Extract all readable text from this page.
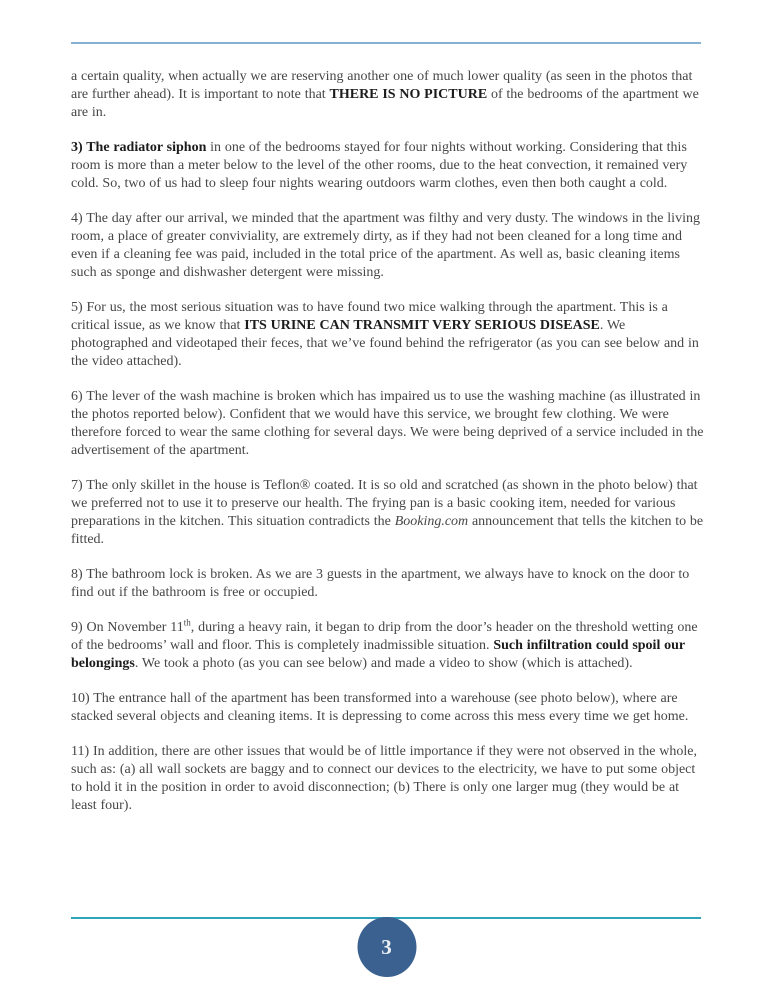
a certain quality, when actually we are reserving another one of much lower quality (as seen in the photos that are further ahead). It is important to note that THERE IS NO PICTURE of the bedrooms of the apartment we are in.

3) The radiator siphon in one of the bedrooms stayed for four nights without working. Considering that this room is more than a meter below to the level of the other rooms, due to the heat convection, it remained very cold. So, two of us had to sleep four nights wearing outdoors warm clothes, even then both caught a cold.

4) The day after our arrival, we minded that the apartment was filthy and very dusty. The windows in the living room, a place of greater conviviality, are extremely dirty, as if they had not been cleaned for a long time and even if a cleaning fee was paid, included in the total price of the apartment. As well as, basic cleaning items such as sponge and dishwasher detergent were missing.

5) For us, the most serious situation was to have found two mice walking through the apartment. This is a critical issue, as we know that ITS URINE CAN TRANSMIT VERY SERIOUS DISEASE. We photographed and videotaped their feces, that we’ve found behind the refrigerator (as you can see below and in the video attached).

6) The lever of the wash machine is broken which has impaired us to use the washing machine (as illustrated in the photos reported below). Confident that we would have this service, we brought few clothing. We were therefore forced to wear the same clothing for several days. We were being deprived of a service included in the advertisement of the apartment.

7) The only skillet in the house is Teflon® coated. It is so old and scratched (as shown in the photo below) that we preferred not to use it to preserve our health. The frying pan is a basic cooking item, needed for various preparations in the kitchen. This situation contradicts the Booking.com announcement that tells the kitchen to be fitted.

8) The bathroom lock is broken. As we are 3 guests in the apartment, we always have to knock on the door to find out if the bathroom is free or occupied.

9) On November 11th, during a heavy rain, it began to drip from the door’s header on the threshold wetting one of the bedrooms’ wall and floor. This is completely inadmissible situation. Such infiltration could spoil our belongings. We took a photo (as you can see below) and made a video to show (which is attached).

10) The entrance hall of the apartment has been transformed into a warehouse (see photo below), where are stacked several objects and cleaning items. It is depressing to come across this mess every time we get home.

11) In addition, there are other issues that would be of little importance if they were not observed in the whole, such as: (a) all wall sockets are baggy and to connect our devices to the electricity, we have to put some object to hold it in the position in order to avoid disconnection; (b) There is only one larger mug (they would be at least four).

3
